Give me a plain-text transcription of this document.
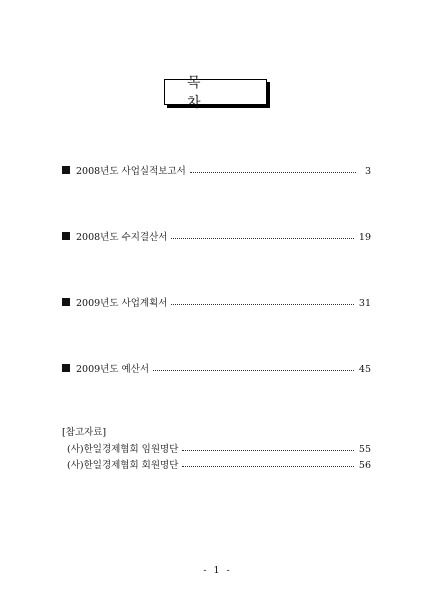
목 차
2008년도 사업실적보고서	3
2008년도 수지결산서	19
2009년도 사업계획서	31
2009년도 예산서	45
[참고자료]
(사)한일경제협회 임원명단	55
(사)한일경제협회 회원명단	56
- 1 -
